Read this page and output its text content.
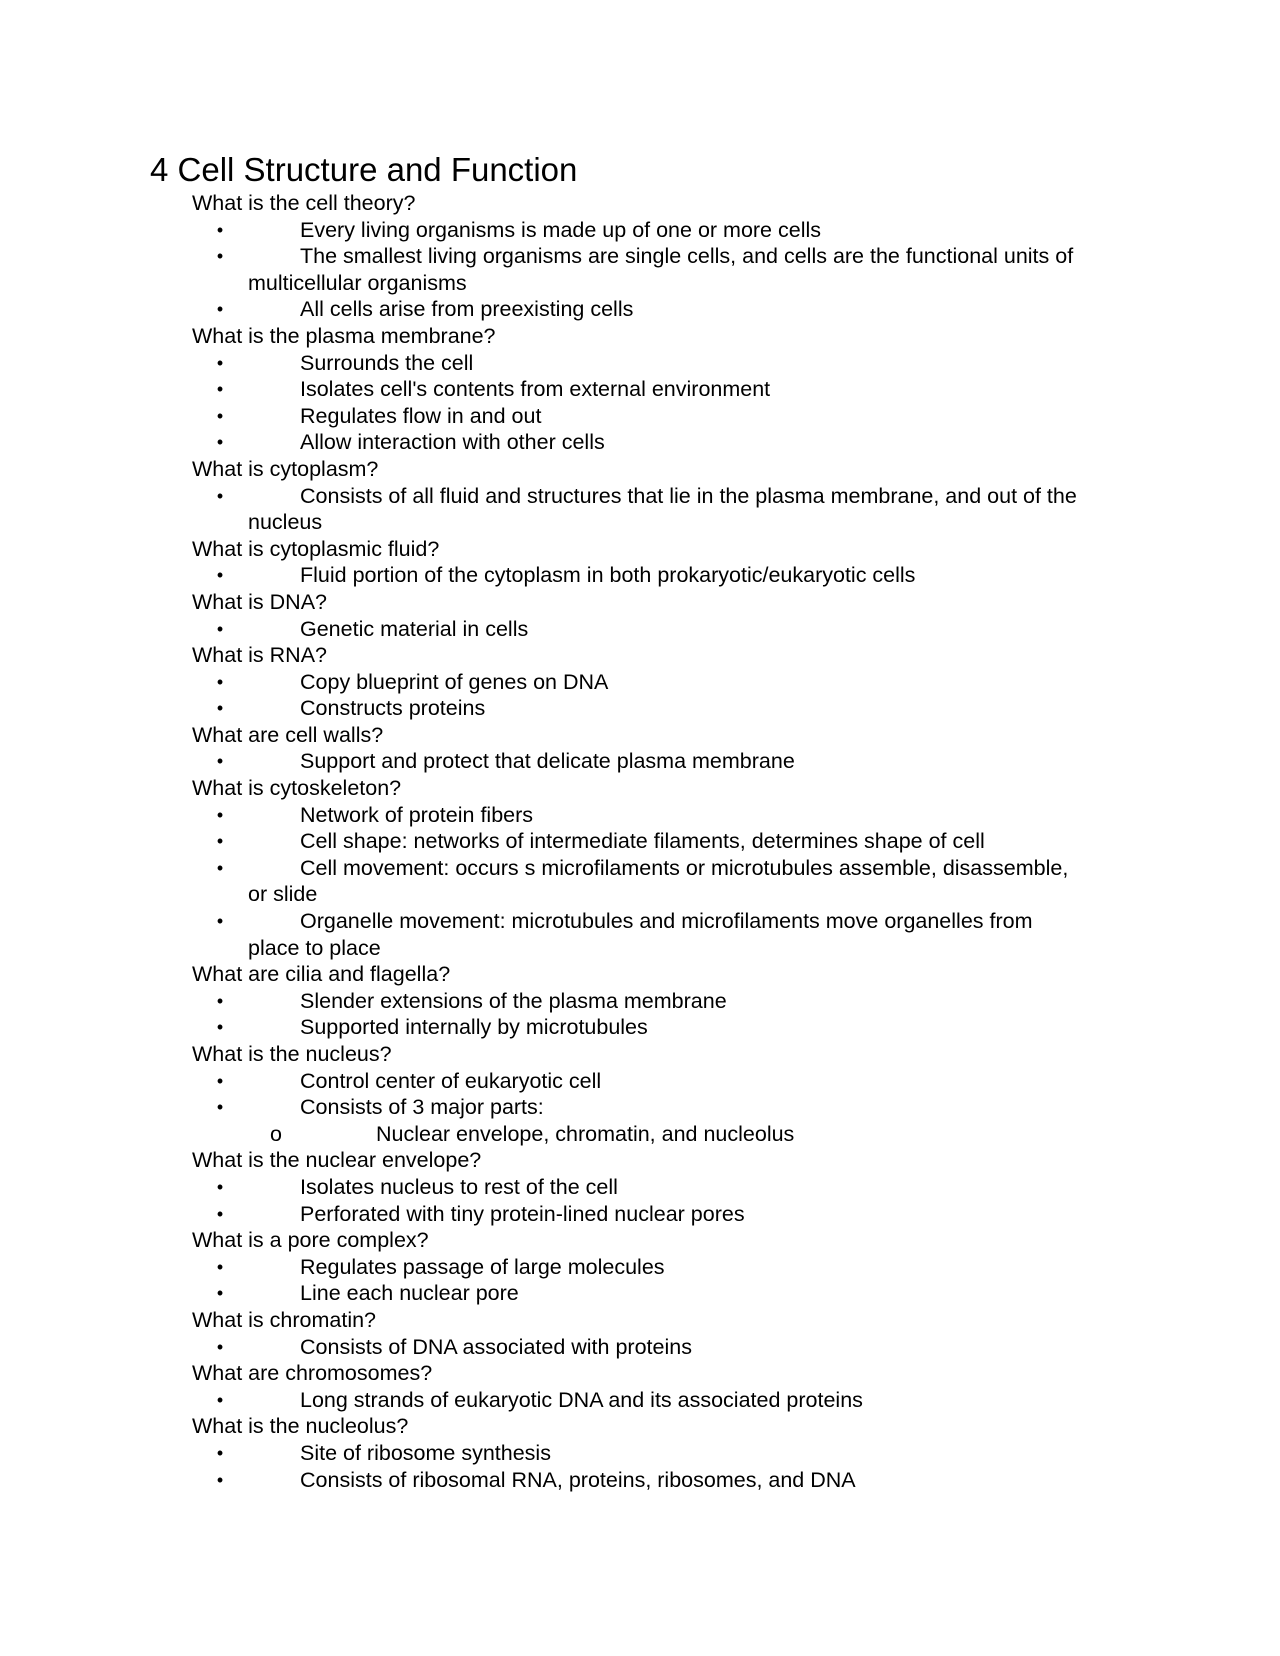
4 Cell Structure and Function
What is the cell theory?
•	Every living organisms is made up of one or more cells
•	The smallest living organisms are single cells, and cells are the functional units of multicellular organisms
•	All cells arise from preexisting cells
What is the plasma membrane?
•	Surrounds the cell
•	Isolates cell's contents from external environment
•	Regulates flow in and out
•	Allow interaction with other cells
What is cytoplasm?
•	Consists of all fluid and structures that lie in the plasma membrane, and out of the nucleus
What is cytoplasmic fluid?
•	Fluid portion of the cytoplasm in both prokaryotic/eukaryotic cells
What is DNA?
•	Genetic material in cells
What is RNA?
•	Copy blueprint of genes on DNA
•	Constructs proteins
What are cell walls?
•	Support and protect that delicate plasma membrane
What is cytoskeleton?
•	Network of protein fibers
•	Cell shape: networks of intermediate filaments, determines shape of cell
•	Cell movement: occurs s microfilaments or microtubules assemble, disassemble, or slide
•	Organelle movement: microtubules and microfilaments move organelles from place to place
What are cilia and flagella?
•	Slender extensions of the plasma membrane
•	Supported internally by microtubules
What is the nucleus?
•	Control center of eukaryotic cell
•	Consists of 3 major parts:
o	Nuclear envelope, chromatin, and nucleolus
What is the nuclear envelope?
•	Isolates nucleus to rest of the cell
•	Perforated with tiny protein-lined nuclear pores
What is a pore complex?
•	Regulates passage of large molecules
•	Line each nuclear pore
What is chromatin?
•	Consists of DNA associated with proteins
What are chromosomes?
•	Long strands of eukaryotic DNA and its associated proteins
What is the nucleolus?
•	Site of ribosome synthesis
•	Consists of ribosomal RNA, proteins, ribosomes, and DNA
